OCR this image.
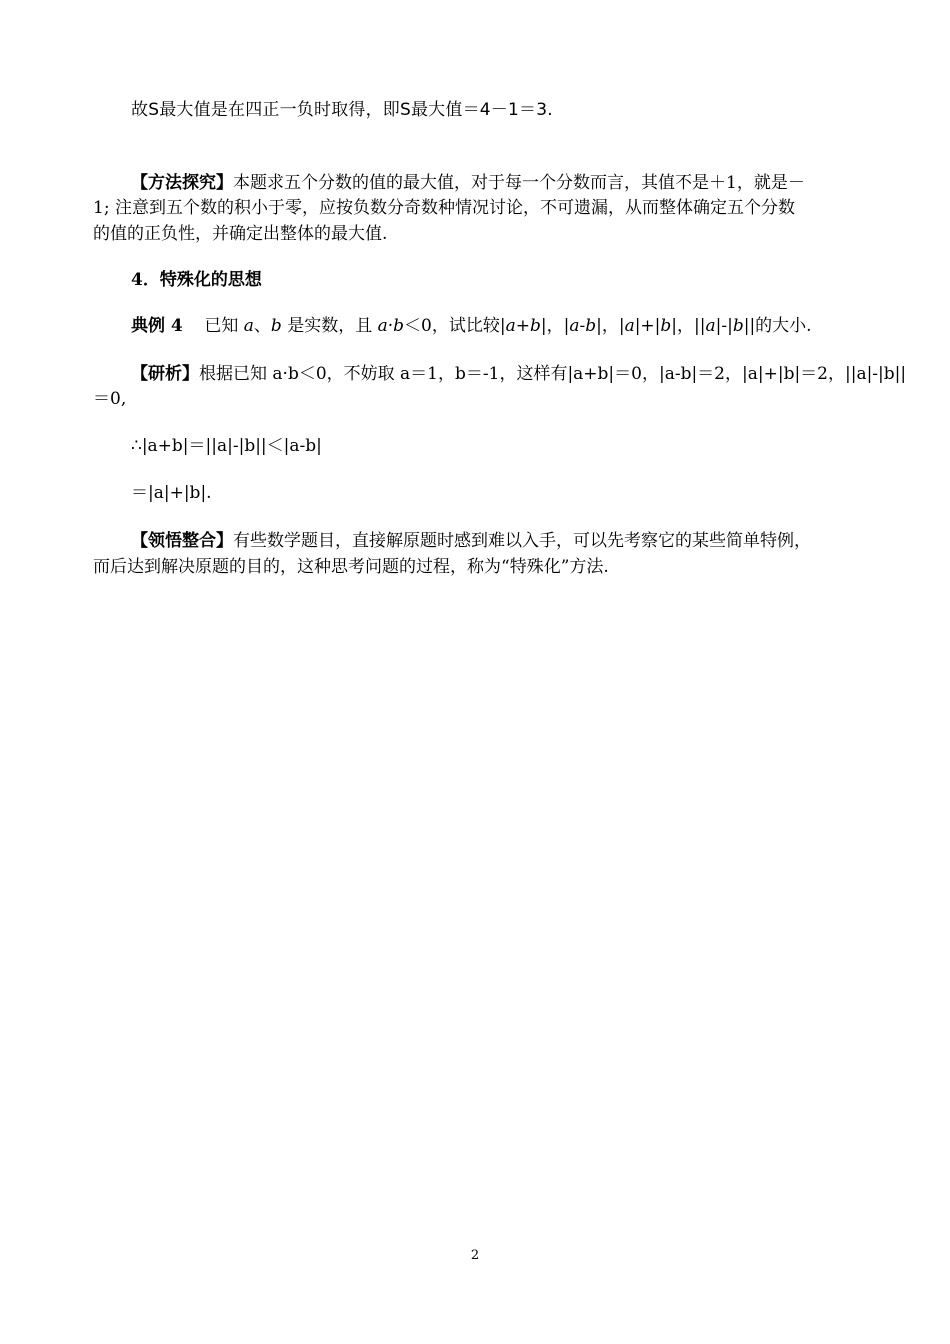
故S最大值是在四正一负时取得，即S最大值＝4－1＝3.
【方法探究】本题求五个分数的值的最大值，对于每一个分数而言，其值不是＋1，就是－
1; 注意到五个数的积小于零，应按负数分奇数种情况讨论，不可遗漏，从而整体确定五个分数
的值的正负性，并确定出整体的最大值.
4．特殊化的思想
典例 4 已知 a、b 是实数，且 a·b＜0，试比较|a+b|，|a-b|，|a|+|b|，||a|-|b||的大小.
【研析】根据已知 a·b＜0，不妨取 a＝1，b＝-1，这样有|a+b|＝0，|a-b|＝2，|a|+|b|＝2，||a|-|b||
＝0,
∴|a+b|＝||a|-|b||＜|a-b|
＝|a|+|b|.
【领悟整合】有些数学题目，直接解原题时感到难以入手，可以先考察它的某些简单特例，
而后达到解决原题的目的，这种思考问题的过程，称为“特殊化”方法.
2
